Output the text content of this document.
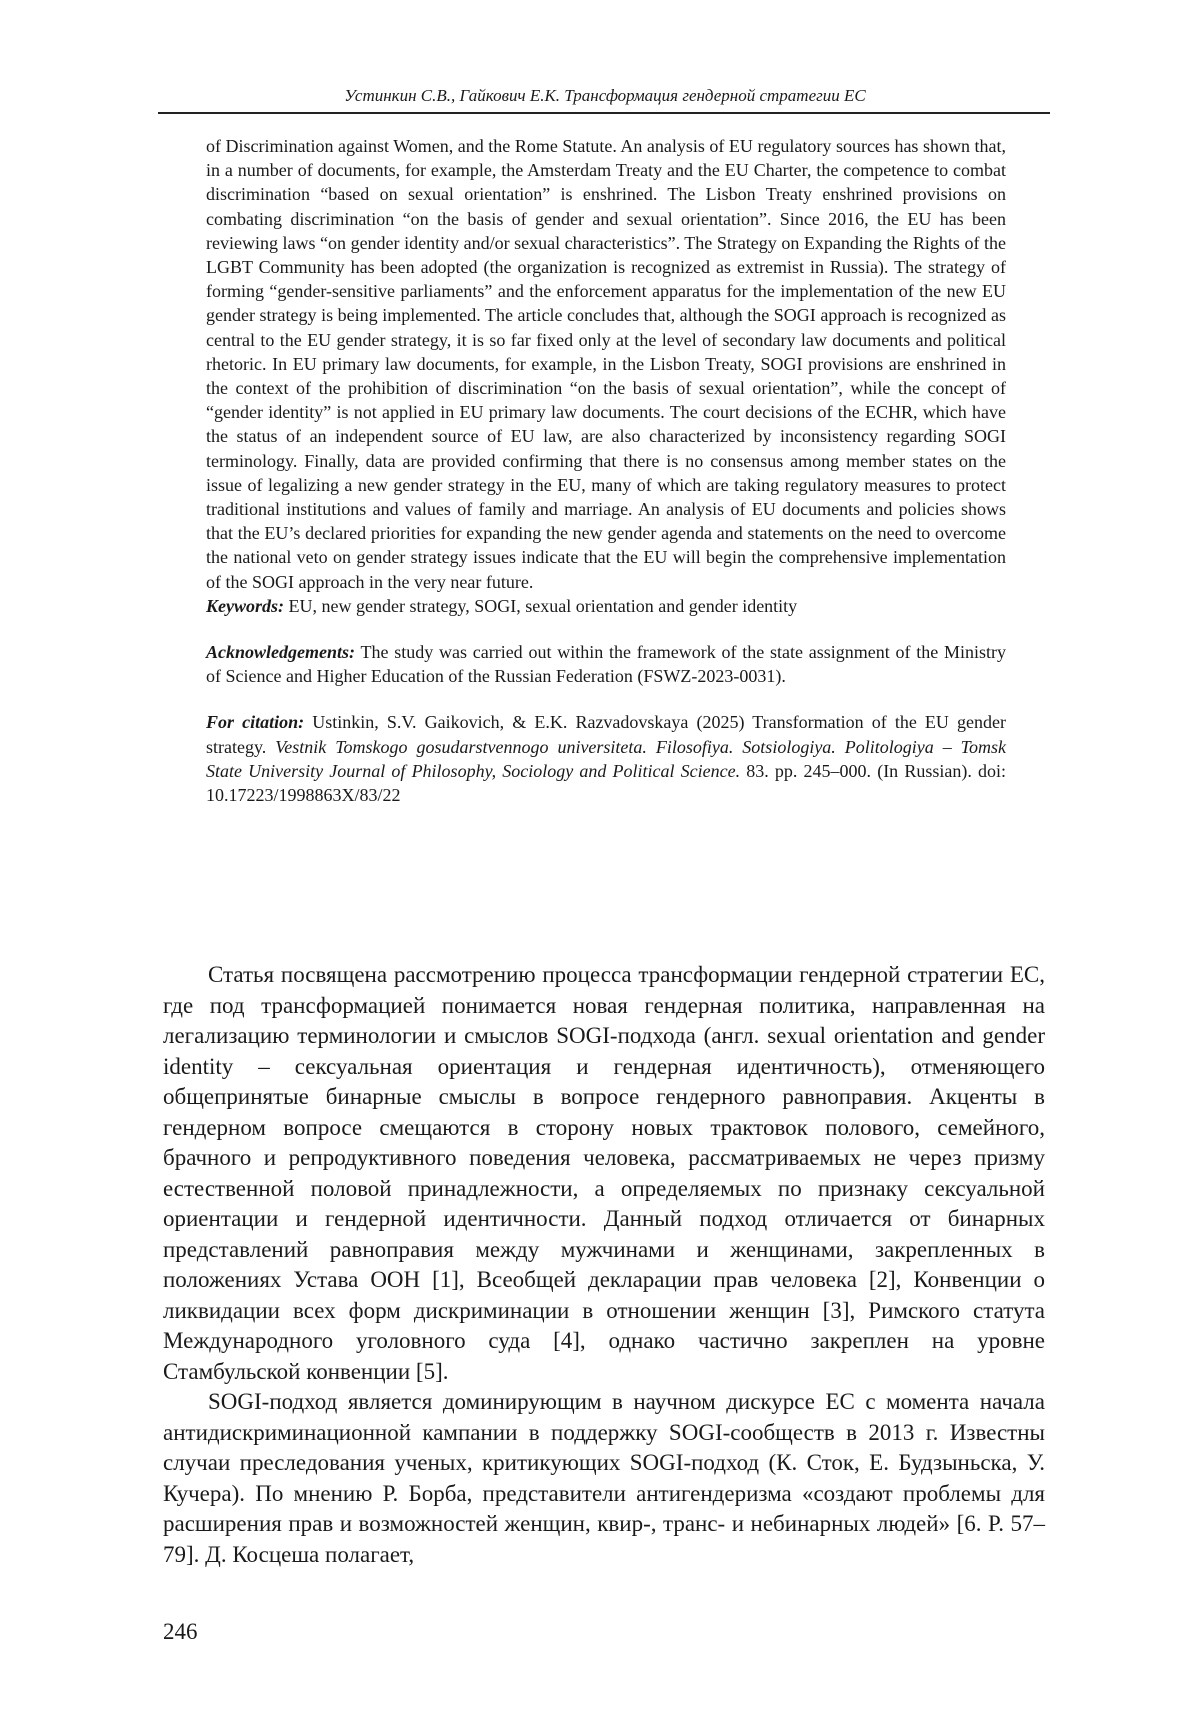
Устинкин С.В., Гайкович Е.К. Трансформация гендерной стратегии ЕС

of Discrimination against Women, and the Rome Statute. An analysis of EU regulatory sources has shown that, in a number of documents, for example, the Amsterdam Treaty and the EU Charter, the competence to combat discrimination “based on sexual orientation” is enshrined. The Lisbon Treaty enshrined provisions on combating discrimination “on the basis of gender and sexual orientation”. Since 2016, the EU has been reviewing laws “on gender identity and/or sexual characteristics”. The Strategy on Expanding the Rights of the LGBT Community has been adopted (the organization is recognized as extremist in Russia). The strategy of forming “gender-sensitive parliaments” and the enforcement apparatus for the implementation of the new EU gender strategy is being implemented. The article concludes that, although the SOGI approach is recognized as central to the EU gender strategy, it is so far fixed only at the level of secondary law documents and political rhetoric. In EU primary law documents, for example, in the Lisbon Treaty, SOGI provisions are enshrined in the context of the prohibition of discrimination “on the basis of sexual orientation”, while the concept of “gender identity” is not applied in EU primary law documents. The court decisions of the ECHR, which have the status of an independent source of EU law, are also characterized by inconsistency regarding SOGI terminology. Finally, data are provided confirming that there is no consensus among member states on the issue of legalizing a new gender strategy in the EU, many of which are taking regulatory measures to protect traditional institutions and values of family and marriage. An analysis of EU documents and policies shows that the EU’s declared priorities for expanding the new gender agenda and statements on the need to overcome the national veto on gender strategy issues indicate that the EU will begin the comprehensive implementation of the SOGI approach in the very near future.

Keywords: EU, new gender strategy, SOGI, sexual orientation and gender identity

Acknowledgements: The study was carried out within the framework of the state assignment of the Ministry of Science and Higher Education of the Russian Federation (FSWZ-2023-0031).

For citation: Ustinkin, S.V. Gaikovich, & E.K. Razvadovskaya (2025) Transformation of the EU gender strategy. Vestnik Tomskogo gosudarstvennogo universiteta. Filosofiya. Sotsiologiya. Politologiya – Tomsk State University Journal of Philosophy, Sociology and Political Science. 83. pp. 245–000. (In Russian). doi: 10.17223/1998863X/83/22

Статья посвящена рассмотрению процесса трансформации гендерной стратегии ЕС, где под трансформацией понимается новая гендерная политика, направленная на легализацию терминологии и смыслов SOGI-подхода (англ. sexual orientation and gender identity – сексуальная ориентация и гендерная идентичность), отменяющего общепринятые бинарные смыслы в вопросе гендерного равноправия. Акценты в гендерном вопросе смещаются в сторону новых трактовок полового, семейного, брачного и репродуктивного поведения человека, рассматриваемых не через призму естественной половой принадлежности, а определяемых по признаку сексуальной ориентации и гендерной идентичности. Данный подход отличается от бинарных представлений равноправия между мужчинами и женщинами, закрепленных в положениях Устава ООН [1], Всеобщей декларации прав человека [2], Конвенции о ликвидации всех форм дискриминации в отношении женщин [3], Римского статута Международного уголовного суда [4], однако частично закреплен на уровне Стамбульской конвенции [5].

SOGI-подход является доминирующим в научном дискурсе ЕС с момента начала антидискриминационной кампании в поддержку SOGI-сообществ в 2013 г. Известны случаи преследования ученых, критикующих SOGI-подход (К. Сток, Е. Будзыньска, У. Кучера). По мнению Р. Борба, представители антигендеризма «создают проблемы для расширения прав и возможностей женщин, квир-, транс- и небинарных людей» [6. P. 57–79]. Д. Косцеша полагает,

246
